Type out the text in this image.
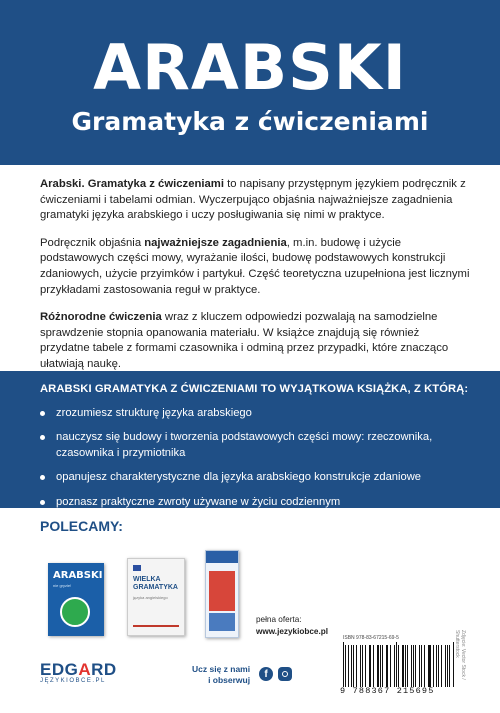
ARABSKI
Gramatyka z ćwiczeniami

Arabski. Gramatyka z ćwiczeniami to napisany przystępnym językiem podręcznik z ćwiczeniami i tabelami odmian. Wyczerpująco objaśnia najważniejsze zagadnienia gramatyki języka arabskiego i uczy posługiwania się nimi w praktyce.

Podręcznik objaśnia najważniejsze zagadnienia, m.in. budowę i użycie podstawowych części mowy, wyrażanie ilości, budowę podstawowych konstrukcji zdaniowych, użycie przyimków i partykuł. Część teoretyczna uzupełniona jest licznymi przykładami zastosowania reguł w praktyce.

Różnorodne ćwiczenia wraz z kluczem odpowiedzi pozwalają na samodzielne sprawdzenie stopnia opanowania materiału. W książce znajdują się również przydatne tabele z formami czasownika i odminą przez przypadki, które znacząco ułatwiają naukę.

ARABSKI GRAMATYKA Z ĆWICZENIAMI TO WYJĄTKOWA KSIĄŻKA, Z KTÓRĄ:
zrozumiesz strukturę języka arabskiego
nauczysz się budowy i tworzenia podstawowych części mowy: rzeczownika, czasownika i przymiotnika
opanujesz charakterystyczne dla języka arabskiego konstrukcje zdaniowe
poznasz praktyczne zwroty używane w życiu codziennym
POLECAMY:
ARABSKI
nie gryzie!
WIELKA GRAMATYKA
języka angielskiego
pełna oferta:
www.jezykiobce.pl
ISBN 978-83-67215-69-5
9 788367 215695
Zdjęcie: Vector Stock / Shutterstock
EDGARD
JĘZYKIOBCE.PL
Ucz się z nami
i obserwuj	f
